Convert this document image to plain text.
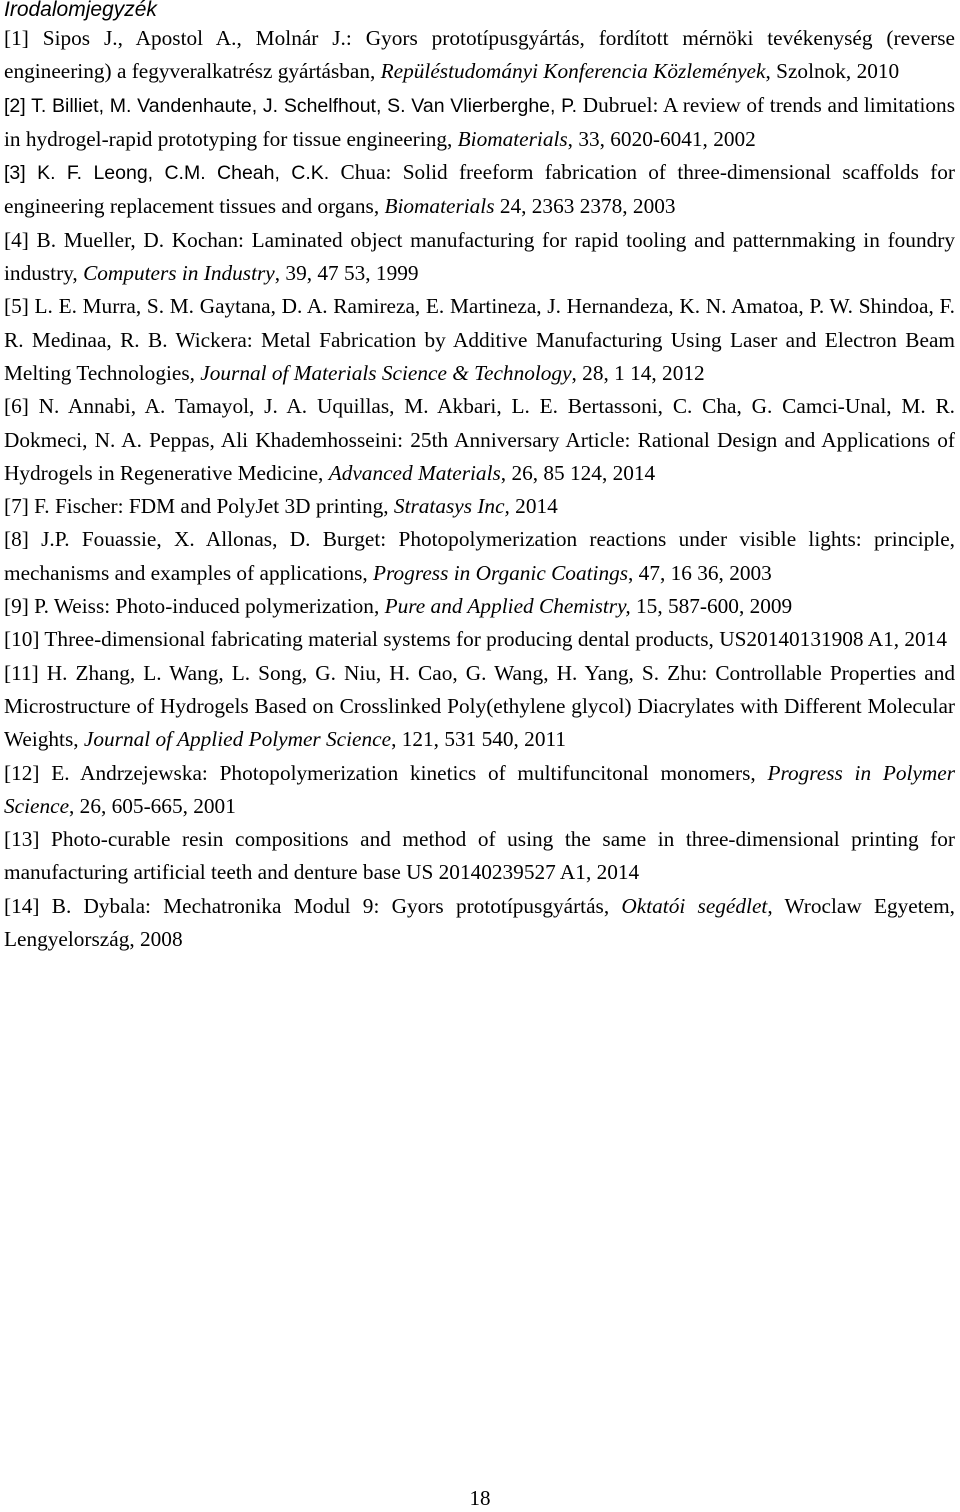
Irodalomjegyzék

[1] Sipos J., Apostol A., Molnár J.: Gyors prototípusgyártás, fordított mérnöki tevékenység (reverse engineering) a fegyveralkatrész gyártásban, Repüléstudományi Konferencia Közlemények, Szolnok, 2010

[2] T. Billiet, M. Vandenhaute, J. Schelfhout, S. Van Vlierberghe, P. Dubruel: A review of trends and limitations in hydrogel-rapid prototyping for tissue engineering, Biomaterials, 33, 6020-6041, 2002

[3] K. F. Leong, C.M. Cheah, C.K. Chua: Solid freeform fabrication of three-dimensional scaffolds for engineering replacement tissues and organs, Biomaterials 24, 2363 2378, 2003

[4] B. Mueller, D. Kochan: Laminated object manufacturing for rapid tooling and patternmaking in foundry industry, Computers in Industry, 39, 47 53, 1999

[5] L. E. Murra, S. M. Gaytana, D. A. Ramireza, E. Martineza, J. Hernandeza, K. N. Amatoa, P. W. Shindoa, F. R. Medinaa, R. B. Wickera: Metal Fabrication by Additive Manufacturing Using Laser and Electron Beam Melting Technologies, Journal of Materials Science & Technology, 28, 1 14, 2012

[6] N. Annabi, A. Tamayol, J. A. Uquillas, M. Akbari, L. E. Bertassoni, C. Cha, G. Camci-Unal, M. R. Dokmeci, N. A. Peppas, Ali Khademhosseini: 25th Anniversary Article: Rational Design and Applications of Hydrogels in Regenerative Medicine, Advanced Materials, 26, 85 124, 2014

[7] F. Fischer: FDM and PolyJet 3D printing, Stratasys Inc, 2014

[8] J.P. Fouassie, X. Allonas, D. Burget: Photopolymerization reactions under visible lights: principle, mechanisms and examples of applications, Progress in Organic Coatings, 47, 16 36, 2003

[9] P. Weiss: Photo-induced polymerization, Pure and Applied Chemistry, 15, 587-600, 2009

[10] Three-dimensional fabricating material systems for producing dental products, US20140131908 A1, 2014

[11] H. Zhang, L. Wang, L. Song, G. Niu, H. Cao, G. Wang, H. Yang, S. Zhu: Controllable Properties and Microstructure of Hydrogels Based on Crosslinked Poly(ethylene glycol) Diacrylates with Different Molecular Weights, Journal of Applied Polymer Science, 121, 531 540, 2011

[12] E. Andrzejewska: Photopolymerization kinetics of multifuncitonal monomers, Progress in Polymer Science, 26, 605-665, 2001

[13] Photo-curable resin compositions and method of using the same in three-dimensional printing for manufacturing artificial teeth and denture base US 20140239527 A1, 2014

[14] B. Dybala: Mechatronika Modul 9: Gyors prototípusgyártás, Oktatói segédlet, Wroclaw Egyetem, Lengyelország, 2008

18
